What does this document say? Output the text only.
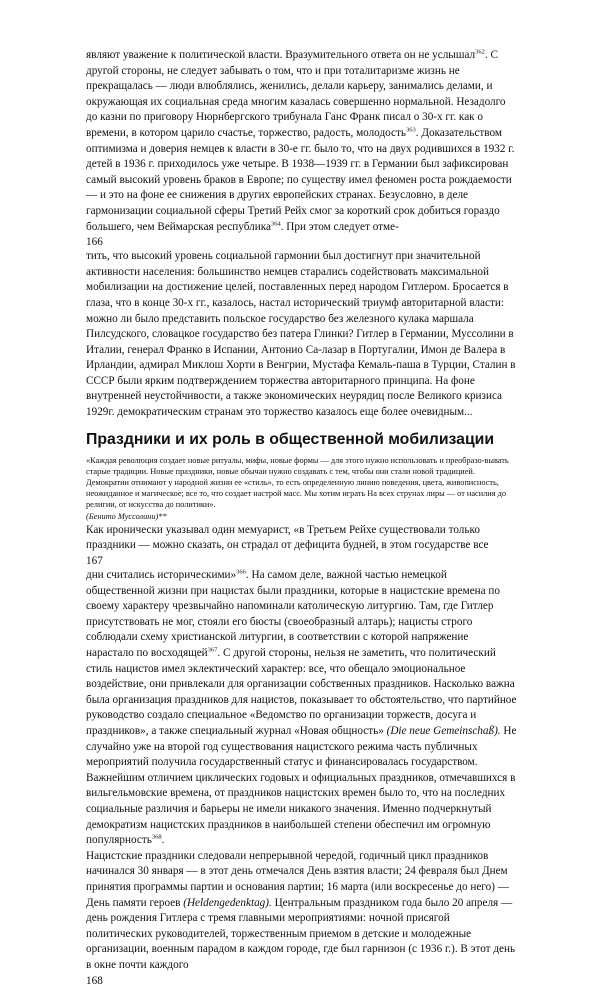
являют уважение к политической власти. Вразумительного ответа он не услышал$^{362}$. С другой стороны, не следует забывать о том, что и при тоталитаризме жизнь не прекращалась — люди влюблялись, женились, делали карьеру, занимались делами, и окружающая их социальная среда многим казалась совершенно нормальной. Незадолго до казни по приговору Нюрнбергского трибунала Ганс Франк писал о 30-х гг. как о времени, в котором царило счастье, торжество, радость, молодость$^{363}$. Доказательством оптимизма и доверия немцев к власти в 30-е гг. было то, что на двух родившихся в 1932 г. детей в 1936 г. приходилось уже четыре. В 1938—1939 гг. в Германии был зафиксирован самый высокий уровень браков в Европе; по существу имел феномен роста рождаемости — и это на фоне ее снижения в других европейских странах. Безусловно, в деле гармонизации социальной сферы Третий Рейх смог за короткий срок добиться гораздо большего, чем Веймарская республика$^{364}$. При этом следует отме-

166

тить, что высокий уровень социальной гармонии был достигнут при значительной активности населения: большинство немцев старались содействовать максимальной мобилизации на достижение целей, поставленных перед народом Гитлером. Бросается в глаза, что в конце 30-х гг., казалось, настал исторический триумф авторитарной власти: можно ли было представить польское государство без железного кулака маршала Пилсудского, словацкое государство без патера Глинки? Гитлер в Германии, Муссолини в Италии, генерал Франко в Испании, Антонио Са-лазар в Португалии, Имон де Валера в Ирландии, адмирал Миклош Хорти в Венгрии, Мустафа Кемаль-паша в Турции, Сталин в СССР были ярким подтверждением торжества авторитарного принципа. На фоне внутренней неустойчивости, а также экономических неурядиц после Великого кризиса 1929г. демократическим странам это торжество казалось еще более очевидным...

Праздники и их роль в общественной мобилизации

«Каждая революция создает новые ритуалы, мифы, новые формы — для этого нужно использовать и преобразо-вывать старые традиции. Новые праздники, новые обычаи нужно создавать с тем, чтобы они стали новой традицией. Демократии отнимают у народной жизни ее «стиль», то есть определенную линию поведения, цвета, живописность, неожиданное и магическое; все то, что создает настрой масс. Мы хотим играть На всех струнах лиры — от насилия до религии, от искусства до политики».

(Бенито Муссолини)**

Как иронически указывал один мемуарист, «в Третьем Рейхе существовали только праздники — можно сказать, он страдал от дефицита будней, в этом государстве все

167

дни считались историческими»$^{366}$. На самом деле, важной частью немецкой общественной жизни при нацистах были праздники, которые в нацистские времена по своему характеру чрезвычайно напоминали католическую литургию. Там, где Гитлер присутствовать не мог, стояли его бюсты (своеобразный алтарь); нацисты строго соблюдали схему христианской литургии, в соответствии с которой напряжение нарастало по восходящей$^{367}$. С другой стороны, нельзя не заметить, что политический стиль нацистов имел эклектический характер: все, что обещало эмоциональное воздействие, они привлекали для организации собственных праздников. Насколько важна была организация праздников для нацистов, показывает то обстоятельство, что партийное руководство создало специальное «Ведомство по организации торжеств, досуга и праздников», а также специальный журнал «Новая общность» (Die neue Gemeinschaß). Не случайно уже на второй год существования нацистского режима часть публичных мероприятий получила государственный статус и финансировалась государством.

Важнейшим отличием циклических годовых и официальных праздников, отмечавшихся в вильгельмовские времена, от праздников нацистских времен было то, что на последних социальные различия и барьеры не имели никакого значения. Именно подчеркнутый демократизм нацистских праздников в наибольшей степени обеспечил им огромную популярность$^{368}$.

Нацистские праздники следовали непрерывной чередой, годичный цикл праздников начинался 30 января — в этот день отмечался День взятия власти; 24 февраля был Днем принятия программы партии и основания партии; 16 марта (или воскресенье до него) — День памяти героев (Heldengedenktag). Центральным праздником года было 20 апреля — день рождения Гитлера с тремя главными мероприятиями: ночной присягой политических руководителей, торжественным приемом в детские и молодежные организации, военным парадом в каждом городе, где был гарнизон (с 1936 г.). В этот день в окне почти каждого

168
